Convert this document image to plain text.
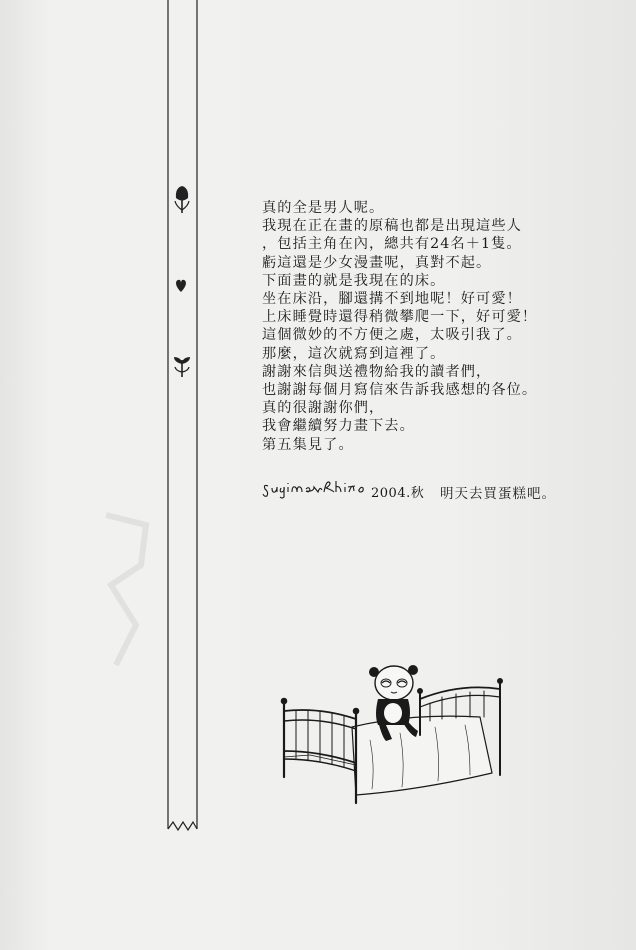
真的全是男人呢。
我現在正在畫的原稿也都是出現這些人
，包括主角在內，總共有24名＋1隻。
虧這還是少女漫畫呢，真對不起。
下面畫的就是我現在的床。
坐在床沿，腳還搆不到地呢！好可愛！
上床睡覺時還得稍微攀爬一下，好可愛！
這個微妙的不方便之處，太吸引我了。
那麼，這次就寫到這裡了。
謝謝來信與送禮物給我的讀者們，
也謝謝每個月寫信來告訴我感想的各位。
真的很謝謝你們，
我會繼續努力畫下去。
第五集見了。
2004.秋 明天去買蛋糕吧。
